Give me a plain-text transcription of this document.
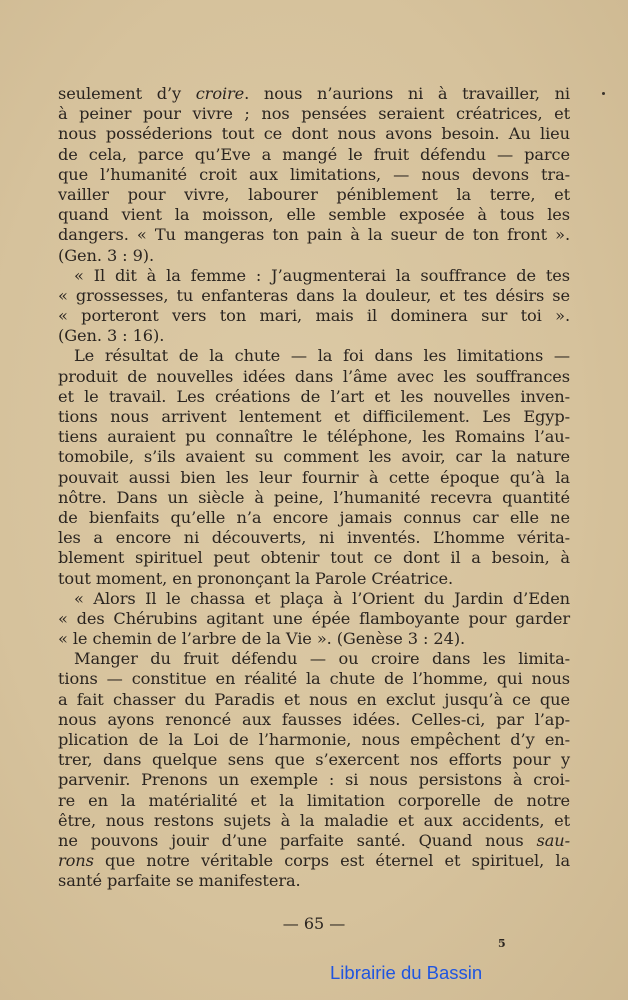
seulement d’y croire. nous n’aurions ni à travailler, ni
à peiner pour vivre ; nos pensées seraient créatrices, et
nous posséderions tout ce dont nous avons besoin. Au lieu
de cela, parce qu’Eve a mangé le fruit défendu — parce
que l’humanité croit aux limitations, — nous devons tra-
vailler pour vivre, labourer péniblement la terre, et
quand vient la moisson, elle semble exposée à tous les
dangers. « Tu mangeras ton pain à la sueur de ton front ».
(Gen. 3 : 9).
« Il dit à la femme : J’augmenterai la souffrance de tes
« grossesses, tu enfanteras dans la douleur, et tes désirs se
« porteront vers ton mari, mais il dominera sur toi ».
(Gen. 3 : 16).
Le résultat de la chute — la foi dans les limitations —
produit de nouvelles idées dans l’âme avec les souffrances
et le travail. Les créations de l’art et les nouvelles inven-
tions nous arrivent lentement et difficilement. Les Egyp-
tiens auraient pu connaître le téléphone, les Romains l’au-
tomobile, s’ils avaient su comment les avoir, car la nature
pouvait aussi bien les leur fournir à cette époque qu’à la
nôtre. Dans un siècle à peine, l’humanité recevra quantité
de bienfaits qu’elle n’a encore jamais connus car elle ne
les a encore ni découverts, ni inventés. L’homme vérita-
blement spirituel peut obtenir tout ce dont il a besoin, à
tout moment, en prononçant la Parole Créatrice.
« Alors Il le chassa et plaça à l’Orient du Jardin d’Eden
« des Chérubins agitant une épée flamboyante pour garder
« le chemin de l’arbre de la Vie ». (Genèse 3 : 24).
Manger du fruit défendu — ou croire dans les limita-
tions — constitue en réalité la chute de l’homme, qui nous
a fait chasser du Paradis et nous en exclut jusqu’à ce que
nous ayons renoncé aux fausses idées. Celles-ci, par l’ap-
plication de la Loi de l’harmonie, nous empêchent d’y en-
trer, dans quelque sens que s’exercent nos efforts pour y
parvenir. Prenons un exemple : si nous persistons à croi-
re en la matérialité et la limitation corporelle de notre
être, nous restons sujets à la maladie et aux accidents, et
ne pouvons jouir d’une parfaite santé. Quand nous sau-
rons que notre véritable corps est éternel et spirituel, la
santé parfaite se manifestera.
— 65 —
5
Librairie du Bassin
